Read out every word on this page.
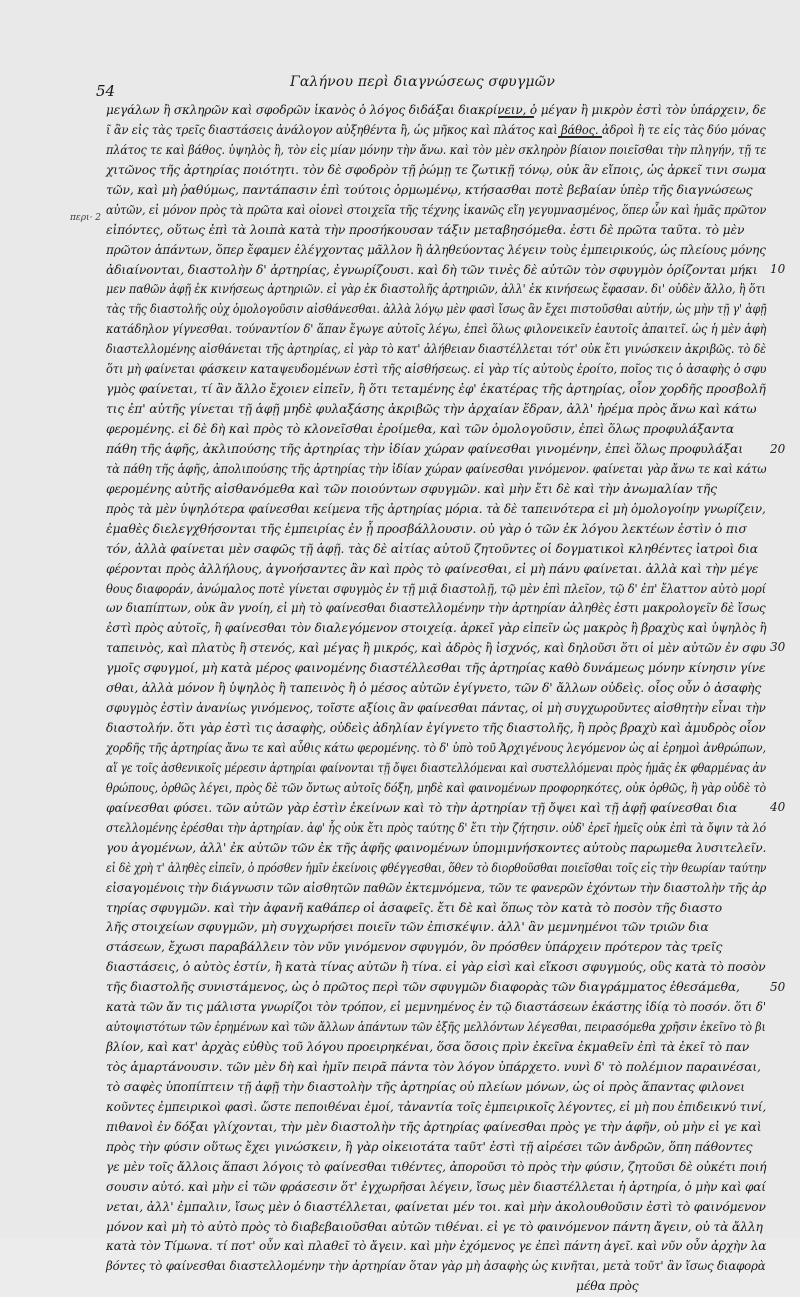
54	Γαλήνου περὶ διαγνώσεως σφυγμῶν
περι· 2
μεγάλων ἢ σκληρῶν καὶ σφοδρῶν ἱκανὸς ὁ λόγος διδάξαι διακρίνειν, ὁ μέγαν ἢ μικρὸν ἐστὶ τὸν ὑπάρχειν, δε
ῖ ἂν εἰς τὰς τρεῖς διαστάσεις ἀνάλογον αὐξηθέντα ἢ, ὡς μῆκος καὶ πλάτος καὶ βάθος. ἀδροὶ ἢ τε εἰς τὰς δύο μόνας
πλάτος τε καὶ βάθος. ὑψηλὸς ἢ, τὸν εἰς μίαν μόνην τὴν ἄνω. καὶ τὸν μὲν σκληρὸν βίαιον ποιεῖσθαι τὴν πληγήν, τῇ τε
χιτῶνος τῆς ἀρτηρίας ποιότητι. τὸν δὲ σφοδρὸν τῇ ῥώμῃ τε ζωτικῇ τόνῳ, οὐκ ἂν εἴποις, ὡς ἀρκεῖ τινι σωμα
τῶν, καὶ μὴ ῥαθύμως, παντάπασιν ἐπὶ τούτοις ὁρμωμένῳ, κτήσασθαι ποτὲ βεβαίαν ὑπὲρ τῆς διαγνώσεως
αὐτῶν, εἰ μόνον πρὸς τὰ πρῶτα καὶ οἰονεὶ στοιχεῖα τῆς τέχνης ἱκανῶς εἴη γεγυμνασμένος, ὅπερ ὧν καὶ ἡμᾶς πρῶτον
εἰπόντες, οὕτως ἐπὶ τὰ λοιπὰ κατὰ τὴν προσήκουσαν τάξιν μεταβησόμεθα. ἐστι δὲ πρῶτα ταῦτα. τὸ μὲν
πρῶτον ἁπάντων, ὅπερ ἔφαμεν ἐλέγχοντας μᾶλλον ἢ ἀληθεύοντας λέγειν τοὺς ἐμπειρικούς, ὡς πλείους μόνης
ἀδιαίνονται, διαστολὴν δ' ἀρτηρίας, ἐγνωρίζουσι. καὶ δὴ τῶν τινὲς δὲ αὐτῶν τὸν σφυγμὸν ὁρίζονται μήκι
μεν παθῶν ἁφῇ ἐκ κινήσεως ἀρτηριῶν. εἰ γὰρ ἐκ διαστολῆς ἀρτηριῶν, ἀλλ' ἐκ κινήσεως ἔφασαν. δι' οὐδὲν ἄλλο, ἢ ὅτι
τὰς τῆς διαστολῆς οὐχ ὁμολογοῦσιν αἰσθάνεσθαι. ἀλλὰ λόγῳ μὲν φασὶ ἴσως ἂν ἔχει πιστοῦσθαι αὐτήν, ὡς μὴν τῇ γ' ἁφῇ
κατάδηλον γίγνεσθαι. τούναντίον δ' ἅπαν ἔγωγε αὐτοῖς λέγω, ἐπεὶ ὅλως φιλονεικεῖν ἑαυτοῖς ἀπαιτεῖ. ὡς ἡ μὲν ἁφὴ
διαστελλομένης αἰσθάνεται τῆς ἀρτηρίας, εἰ γὰρ τὸ κατ' ἀλήθειαν διαστέλλεται τότ' οὐκ ἔτι γινώσκειν ἀκριβῶς. τὸ δὲ
ὅτι μὴ φαίνεται φάσκειν καταψευδομένων ἐστὶ τῆς αἰσθήσεως. εἰ γὰρ τίς αὐτοὺς ἐροίτο, ποῖος τις ὁ ἀσαφὴς ὁ σφυ
γμὸς φαίνεται, τί ἂν ἄλλο ἔχοιεν εἰπεῖν, ἢ ὅτι τεταμένης ἐφ' ἑκατέρας τῆς ἀρτηρίας, οἷον χορδῆς προσβολῆ
τις ἐπ' αὐτῆς γίνεται τῇ ἁφῇ μηδὲ φυλαξάσης ἀκριβῶς τὴν ἀρχαίαν ἕδραν, ἀλλ' ἠρέμα πρὸς ἄνω καὶ κάτω
φερομένης. εἰ δὲ δὴ καὶ πρὸς τὸ κλονεῖσθαι ἐροίμεθα, καὶ τῶν ὁμολογοῦσιν, ἐπεὶ ὅλως προφυλάξαντα
πάθη τῆς ἁφῆς, ἀκλιπούσης τῆς ἀρτηρίας τὴν ἰδίαν χώραν φαίνεσθαι γινομένην, ἐπεὶ ὅλως προφυλάξαι
τὰ πάθη τῆς ἁφῆς, ἀπολιπούσης τῆς ἀρτηρίας τὴν ἰδίαν χώραν φαίνεσθαι γινόμενον. φαίνεται γὰρ ἄνω τε καὶ κάτω
φερομένης αὐτῆς αἰσθανόμεθα καὶ τῶν ποιούντων σφυγμῶν. καὶ μὴν ἔτι δὲ καὶ τὴν ἀνωμαλίαν τῆς
πρὸς τὰ μὲν ὑψηλότερα φαίνεσθαι κείμενα τῆς ἀρτηρίας μόρια. τὰ δὲ ταπεινότερα εἰ μὴ ὁμολογοίην γνωρίζειν,
ἐμαθὲς διελεγχθήσονται τῆς ἐμπειρίας ἐν ᾗ προσβάλλουσιν. οὐ γὰρ ὁ τῶν ἐκ λόγου λεκτέων ἐστὶν ὁ πισ
τόν, ἀλλὰ φαίνεται μὲν σαφῶς τῇ ἁφῇ. τὰς δὲ αἰτίας αὐτοῦ ζητοῦντες οἱ δογματικοὶ κληθέντες ἰατροὶ δια
φέρονται πρὸς ἀλλήλους, ἀγνοήσαντες ἂν καὶ πρὸς τὸ φαίνεσθαι, εἰ μὴ πάνυ φαίνεται. ἀλλὰ καὶ τὴν μέγε
θους διαφοράν, ἀνώμαλος ποτὲ γίνεται σφυγμὸς ἐν τῇ μιᾷ διαστολῇ, τῷ μὲν ἐπὶ πλεῖον, τῷ δ' ἐπ' ἔλαττον αὐτὸ μορί
ων διαπίπτων, οὐκ ἂν γνοίη, εἰ μὴ τὸ φαίνεσθαι διαστελλομένην τὴν ἀρτηρίαν ἀληθὲς ἐστι μακρολογεῖν δὲ ἴσως
ἐστὶ πρὸς αὐτοῖς, ἢ φαίνεσθαι τὸν διαλεγόμενον στοιχείᾳ. ἀρκεῖ γὰρ εἰπεῖν ὡς μακρὸς ἢ βραχὺς καὶ ὑψηλὸς ἢ
ταπεινὸς, καὶ πλατὺς ἢ στενός, καὶ μέγας ἢ μικρός, καὶ ἀδρὸς ἢ ἰσχνός, καὶ δηλοῦσι ὅτι οἱ μὲν αὐτῶν ἐν σφυ
γμοῖς σφυγμοί, μὴ κατὰ μέρος φαινομένης διαστέλλεσθαι τῆς ἀρτηρίας καθὸ δυνάμεως μόνην κίνησιν γίνε
σθαι, ἀλλὰ μόνον ἢ ὑψηλὸς ἢ ταπεινὸς ἢ ὁ μέσος αὐτῶν ἐγίγνετο, τῶν δ' ἄλλων οὐδεὶς. οἷος οὖν ὁ ἀσαφὴς
σφυγμὸς ἐστὶν ἀνανίως γινόμενος, τοῖστε αξίοις ἂν φαίνεσθαι πάντας, οἱ μὴ συγχωροῦντες αἰσθητὴν εἶναι τὴν
διαστολήν. ὅτι γὰρ ἐστὶ τις ἀσαφὴς, οὐδεὶς ἀδηλίαν ἐγίγνετο τῆς διαστολῆς, ἢ πρὸς βραχὺ καὶ ἀμυδρὸς οἷον
χορδῆς τῆς ἀρτηρίας ἄνω τε καὶ αὖθις κάτω φερομένης. τὸ δ' ὑπὸ τοῦ Ἀρχιγένους λεγόμενον ὡς αἱ ἐρημοὶ ἀνθρώπων,
αἵ γε τοῖς ἀσθενικοῖς μέρεσιν ἀρτηρίαι φαίνονται τῇ ὄψει διαστελλόμεναι καὶ συστελλόμεναι πρὸς ἡμᾶς ἐκ φθαρμένας ἀν
θρώπους, ὀρθῶς λέγει, πρὸς δὲ τῶν ὄντως αὐτοῖς δόξη, μηδὲ καὶ φαινομένων προφορηκότες, οὐκ ὀρθῶς, ἢ γὰρ οὐδὲ τὸ
φαίνεσθαι φύσει. τῶν αὐτῶν γὰρ ἐστὶν ἐκείνων καὶ τὸ τὴν ἀρτηρίαν τῇ ὄψει καὶ τῇ ἁφῇ φαίνεσθαι δια
στελλομένης ἐρέσθαι τὴν ἀρτηρίαν. ἀφ' ἧς οὐκ ἔτι πρὸς ταύτης δ' ἔτι τὴν ζήτησιν. οὐδ' ἐρεῖ ἡμεῖς οὐκ ἐπὶ τὰ ὄψιν τὰ λό
γου ἀγομένων, ἀλλ' ἐκ αὐτῶν τῶν ἐκ τῆς ἁφῆς φαινομένων ὑπομιμνήσκοντες αὐτοὺς παρωμεθα λυσιτελεῖν.
εἰ δὲ χρὴ τ' ἀληθὲς εἰπεῖν, ὁ πρόσθεν ἡμῖν ἐκείνοις φθέγγεσθαι, ὅθεν τὸ διορθοῦσθαι ποιεῖσθαι τοῖς εἰς τὴν θεωρίαν ταύτην
εἰσαγομένοις τὴν διάγνωσιν τῶν αἰσθητῶν παθῶν ἐκτεμνόμενα, τῶν τε φανερῶν ἐχόντων τὴν διαστολὴν τῆς ἀρ
τηρίας σφυγμῶν. καὶ τὴν ἀφανῆ καθάπερ οἱ ἀσαφεῖς. ἔτι δὲ καὶ ὅπως τὸν κατὰ τὸ ποσὸν τῆς διαστο
λῆς στοιχείων σφυγμῶν, μὴ συγχωρήσει ποιεῖν τῶν ἐπισκέψιν. ἀλλ' ἂν μεμνημένοι τῶν τριῶν δια
στάσεων, ἔχωσι παραβάλλειν τὸν νῦν γινόμενον σφυγμόν, ὃν πρόσθεν ὑπάρχειν πρότερον τὰς τρεῖς
διαστάσεις, ὁ αὐτὸς ἐστίν, ἢ κατὰ τίνας αὐτῶν ἢ τίνα. εἰ γὰρ εἰσὶ καὶ εἴκοσι σφυγμούς, οὓς κατὰ τὸ ποσὸν
τῆς διαστολῆς συνιστάμενος, ὡς ὁ πρῶτος περὶ τῶν σφυγμῶν διαφορὰς τῶν διαγράμματος ἐθεσάμεθα,
κατὰ τῶν ἄν τις μάλιστα γνωρίζοι τὸν τρόπον, εἰ μεμνημένος ἐν τῷ διαστάσεων ἑκάστης ἰδίᾳ τὸ ποσόν. ὅτι δ'
αὐτοψιστότων τῶν ἐρημένων καὶ τῶν ἄλλων ἁπάντων τῶν ἑξῆς μελλόντων λέγεσθαι, πειρασόμεθα χρῆσιν ἐκεῖνο τὸ βι
βλίον, καὶ κατ' ἀρχὰς εὐθὺς τοῦ λόγου προειρηκέναι, ὅσα ὅσοις πρὶν ἐκεῖνα ἐκμαθεῖν ἐπὶ τὰ ἐκεῖ τὸ παν
τὸς ἁμαρτάνουσιν. τῶν μὲν δὴ καὶ ἡμῖν πειρᾶ πάντα τὸν λόγον ὑπάρχετο. νυνὶ δ' τὸ πολέμιον παραινέσαι,
τὸ σαφὲς ὑποπίπτειν τῇ ἁφῇ τὴν διαστολὴν τῆς ἀρτηρίας οὐ πλείων μόνων, ὡς οἱ πρὸς ἅπαντας φιλονει
κοῦντες ἐμπειρικοὶ φασὶ. ὥστε πεποιθέναι ἐμοί, τἀναντία τοῖς ἐμπειρικοῖς λέγοντες, εἰ μὴ που ἐπιδεικνύ τινί,
πιθανοὶ ἐν δόξαι γλίχονται, τὴν μὲν διαστολὴν τῆς ἀρτηρίας φαίνεσθαι πρὸς γε τὴν ἁφῆν, οὐ μὴν εἰ γε καὶ
πρὸς τὴν φύσιν οὕτως ἔχει γινώσκειν, ἢ γὰρ οἰκειοτάτα ταῦτ' ἐστὶ τῇ αἱρέσει τῶν ἀνδρῶν, ὅπη πάθοντες
γε μὲν τοῖς ἄλλοις ἅπασι λόγοις τὸ φαίνεσθαι τιθέντες, ἀποροῦσι τὸ πρὸς τὴν φύσιν, ζητοῦσι δὲ οὐκέτι ποιή
σουσιν αὐτό. καὶ μὴν εἰ τῶν φράσεσιν ὅτ' ἐγχωρῆσαι λέγειν, ἴσως μὲν διαστέλλεται ἡ ἀρτηρία, ὁ μὴν καὶ φαί
νεται, ἀλλ' ἐμπαλιν, ἴσως μὲν ὁ διαστέλλεται, φαίνεται μέν τοι. καὶ μὴν ἀκολουθοῦσιν ἐστὶ τὸ φαινόμενον
μόνον καὶ μὴ τὸ αὐτὸ πρὸς τὸ διαβεβαιοῦσθαι αὐτῶν τιθέναι. εἰ γε τὸ φαινόμενον πάντη ἄγειν, οὐ τὰ ἄλλη
κατὰ τὸν Τίμωνα. τί ποτ' οὖν καὶ πλαθεῖ τὸ ἄγειν. καὶ μὴν ἐχόμενος γε ἐπεὶ πάντη ἀγεῖ. καὶ νῦν οὖν ἀρχὴν λα
βόντες τὸ φαίνεσθαι διαστελλομένην τὴν ἀρτηρίαν ὅταν γὰρ μὴ ἀσαφὴς ὡς κινῆται, μετὰ τοῦτ' ἂν ἴσως διαφορὰ
μέθα πρὸς
10
20
30
40
50
